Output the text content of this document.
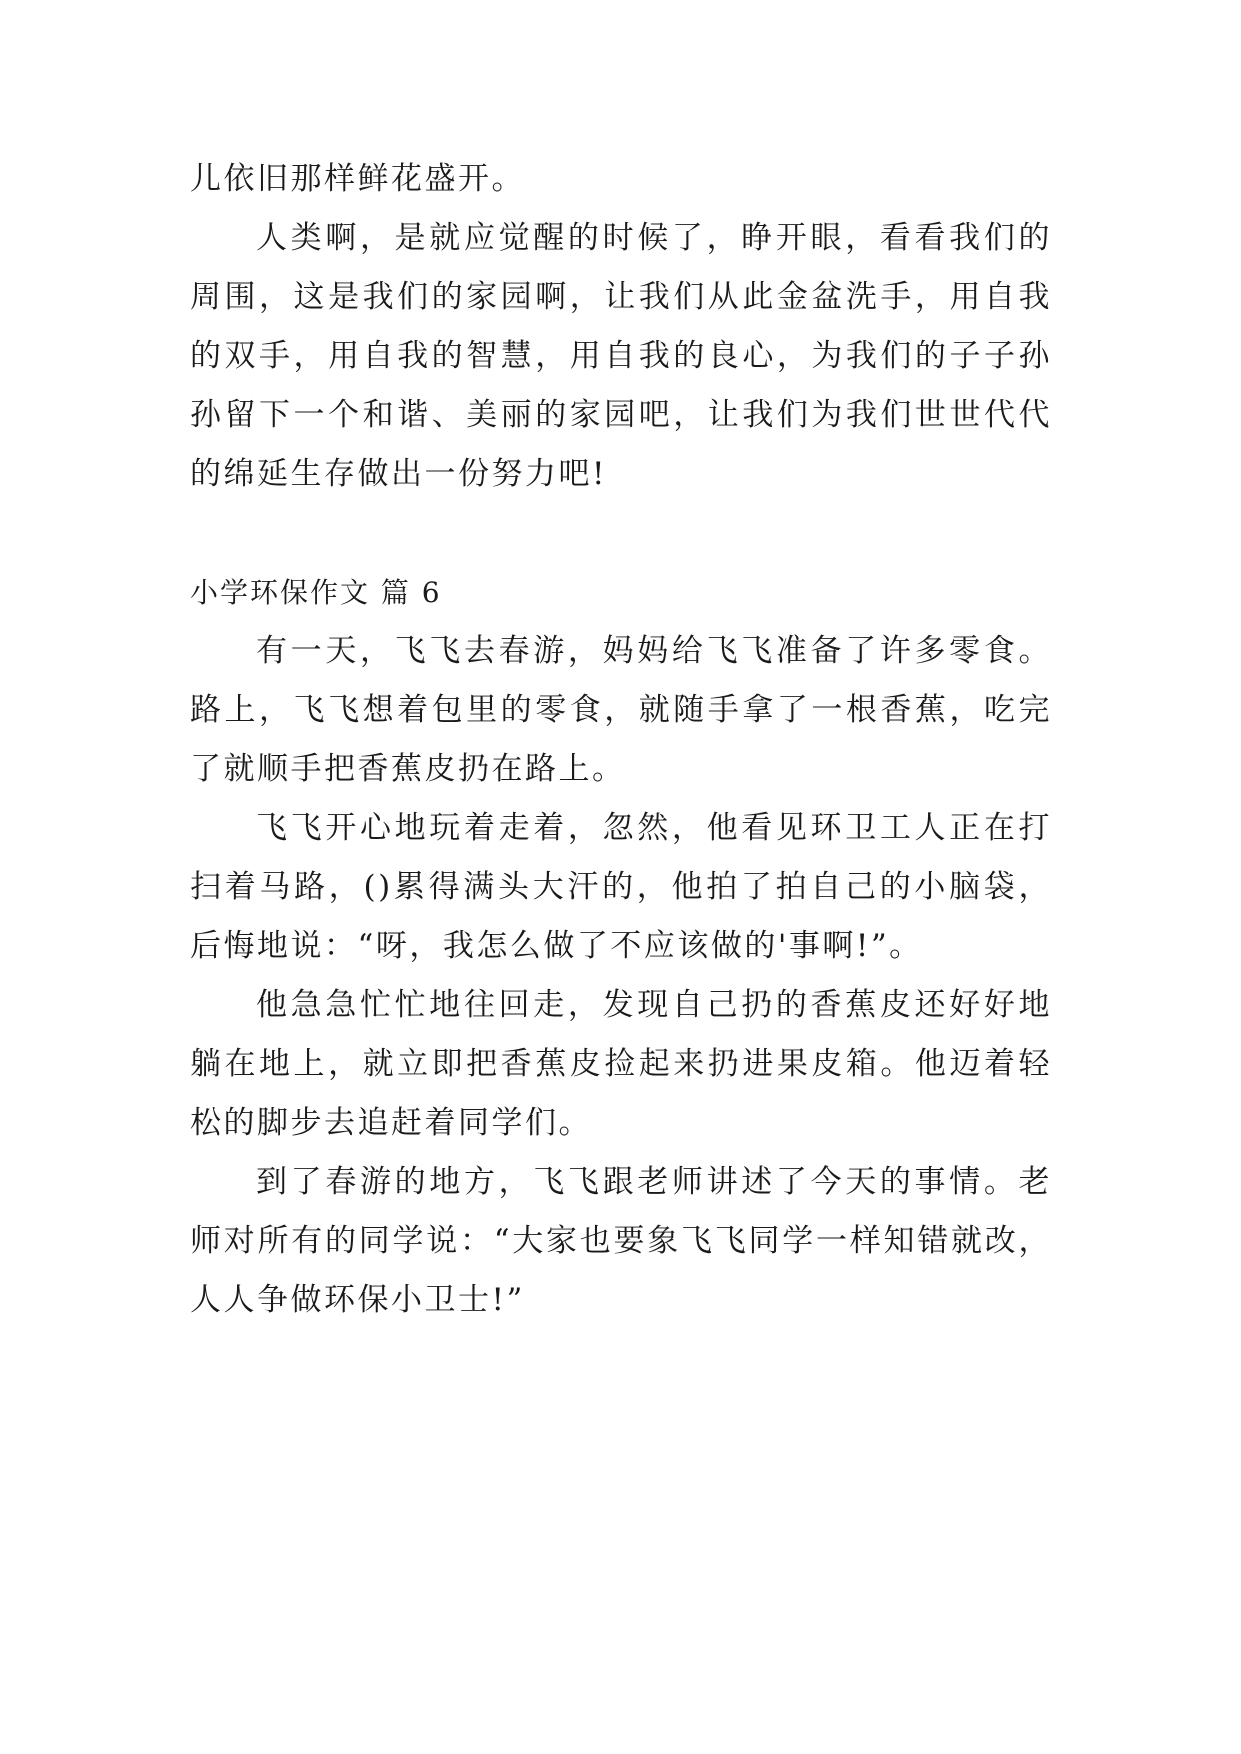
儿依旧那样鲜花盛开。

人类啊，是就应觉醒的时候了，睁开眼，看看我们的周围，这是我们的家园啊，让我们从此金盆洗手，用自我的双手，用自我的智慧，用自我的良心，为我们的子子孙孙留下一个和谐、美丽的家园吧，让我们为我们世世代代的绵延生存做出一份努力吧!

小学环保作文 篇 6

有一天，飞飞去春游，妈妈给飞飞准备了许多零食。路上，飞飞想着包里的零食，就随手拿了一根香蕉，吃完了就顺手把香蕉皮扔在路上。

飞飞开心地玩着走着，忽然，他看见环卫工人正在打扫着马路，()累得满头大汗的，他拍了拍自己的小脑袋，后悔地说：“呀，我怎么做了不应该做的'事啊!”。

他急急忙忙地往回走，发现自己扔的香蕉皮还好好地躺在地上，就立即把香蕉皮捡起来扔进果皮箱。他迈着轻松的脚步去追赶着同学们。

到了春游的地方，飞飞跟老师讲述了今天的事情。老师对所有的同学说：“大家也要象飞飞同学一样知错就改，人人争做环保小卫士!”
